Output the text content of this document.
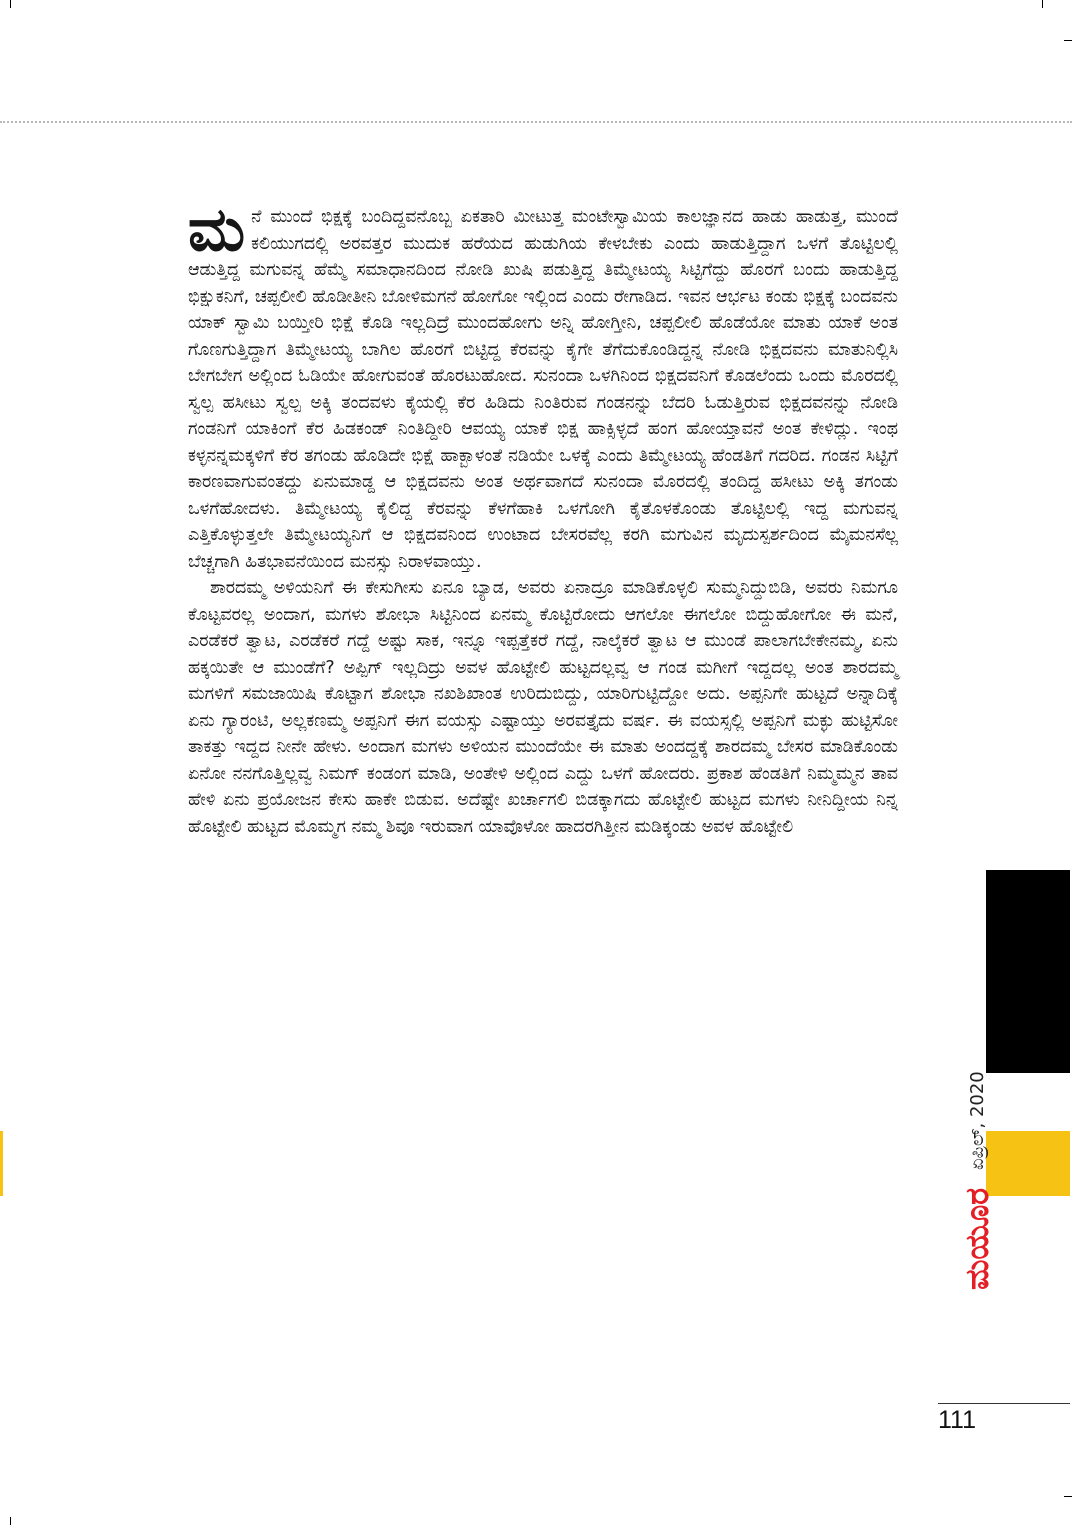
ಮನೆ ಮುಂದೆ ಭಿಕ್ಷಕ್ಕೆ ಬಂದಿದ್ದವನೊಬ್ಬ ಏಕತಾರಿ ಮೀಟುತ್ತ ಮಂಟೇಸ್ವಾಮಿಯ ಕಾಲಜ್ಞಾನದ ಹಾಡು ಹಾಡುತ್ತ, ಮುಂದೆ ಕಲಿಯುಗದಲ್ಲಿ ಅರವತ್ತರ ಮುದುಕ ಹರೆಯದ ಹುಡುಗಿಯ ಕೇಳಬೇಕು ಎಂದು ಹಾಡುತ್ತಿದ್ದಾಗ ಒಳಗೆ ತೊಟ್ಟಿಲಲ್ಲಿ ಆಡುತ್ತಿದ್ದ ಮಗುವನ್ನ ಹೆಮ್ಮೆ ಸಮಾಧಾನದಿಂದ ನೋಡಿ ಖುಷಿ ಪಡುತ್ತಿದ್ದ ತಿಮ್ಮೇಟಯ್ಯ ಸಿಟ್ಟಿಗೆದ್ದು ಹೊರಗೆ ಬಂದು ಹಾಡುತ್ತಿದ್ದ ಭಿಕ್ಷುಕನಿಗೆ, ಚಪ್ಪಲೀಲಿ ಹೊಡೀತೀನಿ ಬೋಳಿಮಗನೆ ಹೋಗೋ ಇಲ್ಲಿಂದ ಎಂದು ರೇಗಾಡಿದ. ಇವನ ಆರ್ಭಟ ಕಂಡು ಭಿಕ್ಷಕ್ಕೆ ಬಂದವನು ಯಾಕ್ ಸ್ವಾಮಿ ಬಯ್ತೀರಿ ಭಿಕ್ಷೆ ಕೊಡಿ ಇಲ್ಲದಿದ್ರೆ ಮುಂದಹೋಗು ಅನ್ನಿ ಹೋಗ್ತೀನಿ, ಚಪ್ಪಲೀಲಿ ಹೊಡೆಯೋ ಮಾತು ಯಾಕೆ ಅಂತ ಗೊಣಗುತ್ತಿದ್ದಾಗ ತಿಮ್ಮೇಟಯ್ಯ ಬಾಗಿಲ ಹೊರಗೆ ಬಿಟ್ಟಿದ್ದ ಕೆರವನ್ನು ಕೈಗೇ ತೆಗೆದುಕೊಂಡಿದ್ದನ್ನ ನೋಡಿ ಭಿಕ್ಷದವನು ಮಾತುನಿಲ್ಲಿಸಿ ಬೇಗಬೇಗ ಅಲ್ಲಿಂದ ಓಡಿಯೇ ಹೋಗುವಂತೆ ಹೊರಟುಹೋದ. ಸುನಂದಾ ಒಳಗಿನಿಂದ ಭಿಕ್ಷದವನಿಗೆ ಕೊಡಲೆಂದು ಒಂದು ಮೊರದಲ್ಲಿ ಸ್ವಲ್ಪ ಹಸೀಟು ಸ್ವಲ್ಪ ಅಕ್ಕಿ ತಂದವಳು ಕೈಯಲ್ಲಿ ಕೆರ ಹಿಡಿದು ನಿಂತಿರುವ ಗಂಡನನ್ನು ಬೆದರಿ ಓಡುತ್ತಿರುವ ಭಿಕ್ಷದವನನ್ನು ನೋಡಿ ಗಂಡನಿಗೆ ಯಾಕಿಂಗೆ ಕೆರ ಹಿಡಕಂಡ್ ನಿಂತಿದ್ದೀರಿ ಆವಯ್ಯ ಯಾಕೆ ಭಿಕ್ಷ ಹಾಕ್ಸಿಳ್ಳದೆ ಹಂಗ ಹೋಯ್ತಾವನೆ ಅಂತ ಕೇಳಿದ್ಲು. ಇಂಥ ಕಳ್ಳನನ್ನಮಕ್ಕಳಿಗೆ ಕೆರ ತಗಂಡು ಹೊಡಿದೇ ಭಿಕ್ಷೆ ಹಾಕ್ಬಾಳಂತೆ ನಡಿಯೇ ಒಳಕ್ಕೆ ಎಂದು ತಿಮ್ಮೇಟಯ್ಯ ಹೆಂಡತಿಗೆ ಗದರಿದ. ಗಂಡನ ಸಿಟ್ಟಿಗೆ ಕಾರಣವಾಗುವಂತದ್ದು ಏನುಮಾಡ್ದ ಆ ಭಿಕ್ಷದವನು ಅಂತ ಅರ್ಥವಾಗದೆ ಸುನಂದಾ ಮೊರದಲ್ಲಿ ತಂದಿದ್ದ ಹಸೀಟು ಅಕ್ಕಿ ತಗಂಡು ಒಳಗೆಹೋದಳು. ತಿಮ್ಮೇಟಯ್ಯ ಕೈಲಿದ್ದ ಕೆರವನ್ನು ಕೆಳಗೆಹಾಕಿ ಒಳಗೋಗಿ ಕೈತೊಳಕೊಂಡು ತೊಟ್ಟಿಲಲ್ಲಿ ಇದ್ದ ಮಗುವನ್ನ ಎತ್ತಿಕೊಳ್ಳುತ್ತಲೇ ತಿಮ್ಮೇಟಯ್ಯನಿಗೆ ಆ ಭಿಕ್ಷದವನಿಂದ ಉಂಟಾದ ಬೇಸರವೆಲ್ಲ ಕರಗಿ ಮಗುವಿನ ಮೃದುಸ್ಪರ್ಶದಿಂದ ಮೈಮನಸೆಲ್ಲ ಬೆಚ್ಚಗಾಗಿ ಹಿತಭಾವನೆಯಿಂದ ಮನಸ್ಸು ನಿರಾಳವಾಯ್ತು.

ಶಾರದಮ್ಮ ಅಳಿಯನಿಗೆ ಈ ಕೇಸುಗೀಸು ಏನೂ ಬ್ಯಾಡ, ಅವರು ಏನಾದ್ರೂ ಮಾಡಿಕೊಳ್ಳಲಿ ಸುಮ್ಮನಿದ್ದುಬಿಡಿ, ಅವರು ನಿಮಗೂ ಕೊಟ್ಟವರಲ್ಲ ಅಂದಾಗ, ಮಗಳು ಶೋಭಾ ಸಿಟ್ಟಿನಿಂದ ಏನಮ್ಮ ಕೊಟ್ಟಿರೋದು ಆಗಲೋ ಈಗಲೋ ಬಿದ್ದುಹೋಗೋ ಈ ಮನೆ, ಎರಡೆಕರೆ ತ್ವಾಟ, ಎರಡೆಕರೆ ಗದ್ದೆ ಅಷ್ಟು ಸಾಕ, ಇನ್ನೂ ಇಪ್ಪತ್ತೆಕರೆ ಗದ್ದೆ, ನಾಲ್ಕೆಕರೆ ತ್ವಾಟ ಆ ಮುಂಡೆ ಪಾಲಾಗಬೇಕೇನಮ್ಮ, ಏನು ಹಕ್ಕಯಿತೇ ಆ ಮುಂಡೆಗೆ? ಅಪ್ಪಿಗ್ ಇಲ್ಲದಿದ್ರು ಅವಳ ಹೊಟ್ಟೇಲಿ ಹುಟ್ಟದಲ್ಲವ್ವ ಆ ಗಂಡ ಮಗೀಗೆ ಇದ್ದದಲ್ಲ ಅಂತ ಶಾರದಮ್ಮ ಮಗಳಿಗೆ ಸಮಜಾಯಿಷಿ ಕೊಟ್ಟಾಗ ಶೋಭಾ ನಖಶಿಖಾಂತ ಉರಿದುಬಿದ್ದು, ಯಾರಿಗುಟ್ಟಿದ್ದೋ ಅದು. ಅಪ್ಪನಿಗೇ ಹುಟ್ಟದೆ ಅನ್ನಾದಿಕ್ಕೆ ಏನು ಗ್ಯಾರಂಟಿ, ಅಲ್ಲಕಣಮ್ಮ ಅಪ್ಪನಿಗೆ ಈಗ ವಯಸ್ಸು ಎಷ್ಟಾಯ್ತು ಅರವತ್ತೈದು ವರ್ಷ. ಈ ವಯಸ್ಸಲ್ಲಿ ಅಪ್ಪನಿಗೆ ಮಕ್ಳು ಹುಟ್ಟಿಸೋ ತಾಕತ್ತು ಇದ್ದದ ನೀನೇ ಹೇಳು. ಅಂದಾಗ ಮಗಳು ಅಳಿಯನ ಮುಂದೆಯೇ ಈ ಮಾತು ಅಂದದ್ದಕ್ಕೆ ಶಾರದಮ್ಮ ಬೇಸರ ಮಾಡಿಕೊಂಡು ಏನೋ ನನಗೊತ್ತಿಲ್ಲವ್ವ ನಿಮಗ್ ಕಂಡಂಗ ಮಾಡಿ, ಅಂತೇಳಿ ಅಲ್ಲಿಂದ ಎದ್ದು ಒಳಗೆ ಹೋದರು. ಪ್ರಕಾಶ ಹೆಂಡತಿಗೆ ನಿಮ್ಮಮ್ಮನ ತಾವ ಹೇಳಿ ಏನು ಪ್ರಯೋಜನ ಕೇಸು ಹಾಕೇ ಬಿಡುವ. ಅದೆಷ್ಟೇ ಖರ್ಚಾಗಲಿ ಬಿಡಕ್ಕಾಗದು ಹೊಟ್ಟೇಲಿ ಹುಟ್ಟದ ಮಗಳು ನೀನಿದ್ದೀಯ ನಿನ್ನ ಹೊಟ್ಟೇಲಿ ಹುಟ್ಟದ ಮೊಮ್ಮಗ ನಮ್ಮ ಶಿವೂ ಇರುವಾಗ ಯಾವೊಳೋ ಹಾದರಗಿತ್ತೀನ ಮಡಿಕ್ಕಂಡು ಅವಳ ಹೊಟ್ಟೇಲಿ

ಮಯೂರಏಪ್ರಿಲ್, 2020
111
